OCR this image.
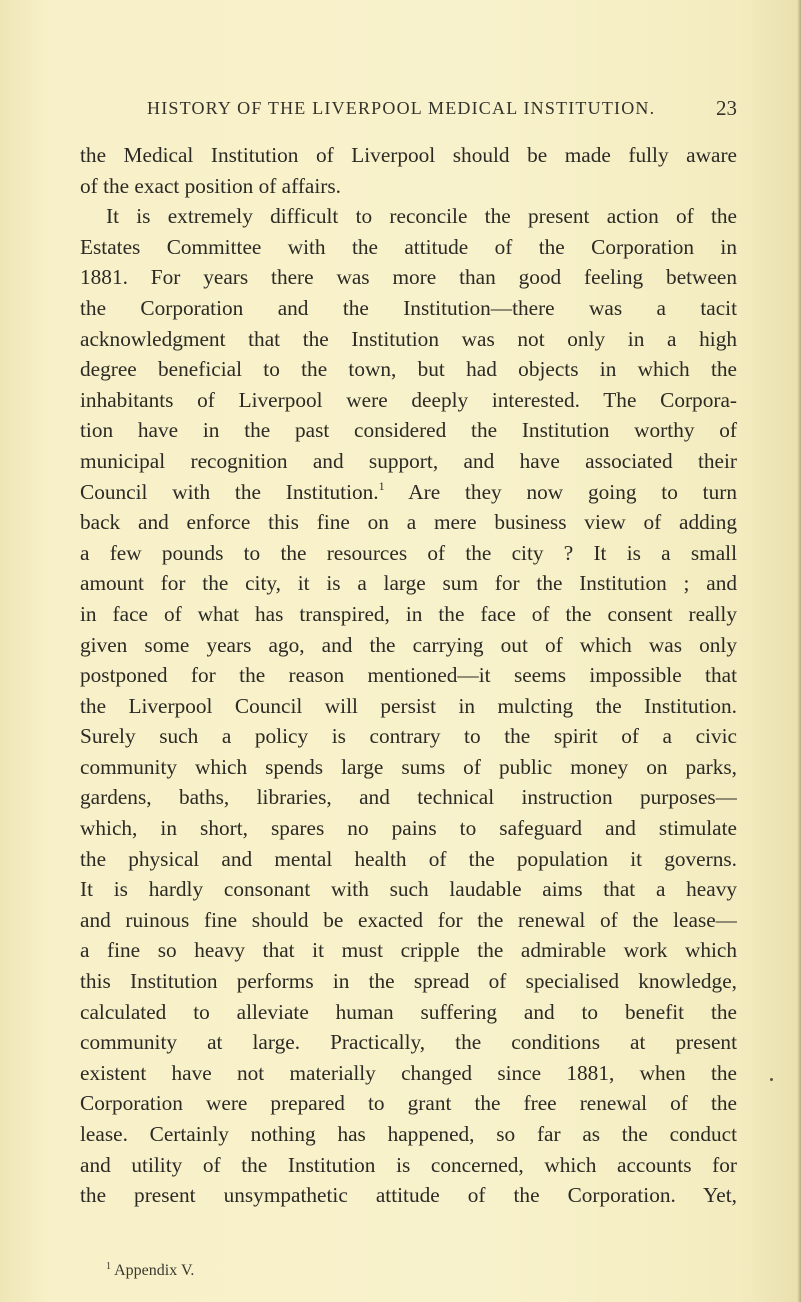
HISTORY OF THE LIVERPOOL MEDICAL INSTITUTION.	23
the Medical Institution of Liverpool should be made fully aware
of the exact position of affairs.
It is extremely difficult to reconcile the present action of the
Estates Committee with the attitude of the Corporation in
1881. For years there was more than good feeling between
the Corporation and the Institution—there was a tacit
acknowledgment that the Institution was not only in a high
degree beneficial to the town, but had objects in which the
inhabitants of Liverpool were deeply interested. The Corpora-
tion have in the past considered the Institution worthy of
municipal recognition and support, and have associated their
Council with the Institution.$^1$ Are they now going to turn
back and enforce this fine on a mere business view of adding
a few pounds to the resources of the city ? It is a small
amount for the city, it is a large sum for the Institution ; and
in face of what has transpired, in the face of the consent really
given some years ago, and the carrying out of which was only
postponed for the reason mentioned—it seems impossible that
the Liverpool Council will persist in mulcting the Institution.
Surely such a policy is contrary to the spirit of a civic
community which spends large sums of public money on parks,
gardens, baths, libraries, and technical instruction purposes—
which, in short, spares no pains to safeguard and stimulate
the physical and mental health of the population it governs.
It is hardly consonant with such laudable aims that a heavy
and ruinous fine should be exacted for the renewal of the lease—
a fine so heavy that it must cripple the admirable work which
this Institution performs in the spread of specialised knowledge,
calculated to alleviate human suffering and to benefit the
community at large. Practically, the conditions at present
existent have not materially changed since 1881, when the
Corporation were prepared to grant the free renewal of the
lease. Certainly nothing has happened, so far as the conduct
and utility of the Institution is concerned, which accounts for
the present unsympathetic attitude of the Corporation. Yet,
$^1$ Appendix V.
